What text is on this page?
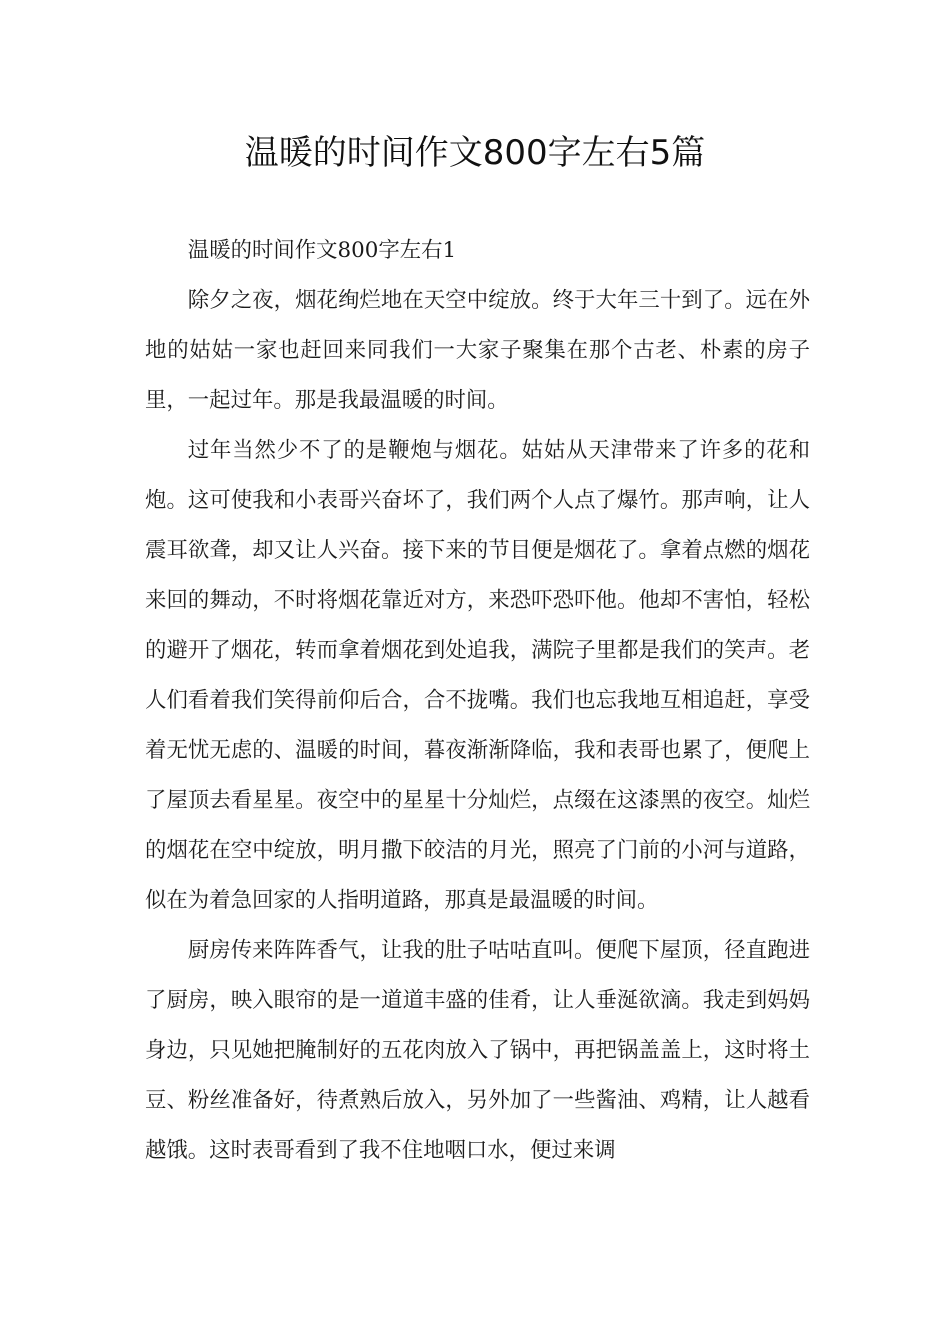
温暖的时间作文800字左右5篇

温暖的时间作文800字左右1

除夕之夜，烟花绚烂地在天空中绽放。终于大年三十到了。远在外地的姑姑一家也赶回来同我们一大家子聚集在那个古老、朴素的房子里，一起过年。那是我最温暖的时间。

过年当然少不了的是鞭炮与烟花。姑姑从天津带来了许多的花和炮。这可使我和小表哥兴奋坏了，我们两个人点了爆竹。那声响，让人震耳欲聋，却又让人兴奋。接下来的节目便是烟花了。拿着点燃的烟花来回的舞动，不时将烟花靠近对方，来恐吓恐吓他。他却不害怕，轻松的避开了烟花，转而拿着烟花到处追我，满院子里都是我们的笑声。老人们看着我们笑得前仰后合，合不拢嘴。我们也忘我地互相追赶，享受着无忧无虑的、温暖的时间，暮夜渐渐降临，我和表哥也累了，便爬上了屋顶去看星星。夜空中的星星十分灿烂，点缀在这漆黑的夜空。灿烂的烟花在空中绽放，明月撒下皎洁的月光，照亮了门前的小河与道路，似在为着急回家的人指明道路，那真是最温暖的时间。

厨房传来阵阵香气，让我的肚子咕咕直叫。便爬下屋顶，径直跑进了厨房，映入眼帘的是一道道丰盛的佳肴，让人垂涎欲滴。我走到妈妈身边，只见她把腌制好的五花肉放入了锅中，再把锅盖盖上，这时将土豆、粉丝准备好，待煮熟后放入，另外加了一些酱油、鸡精，让人越看越饿。这时表哥看到了我不住地咽口水，便过来调
